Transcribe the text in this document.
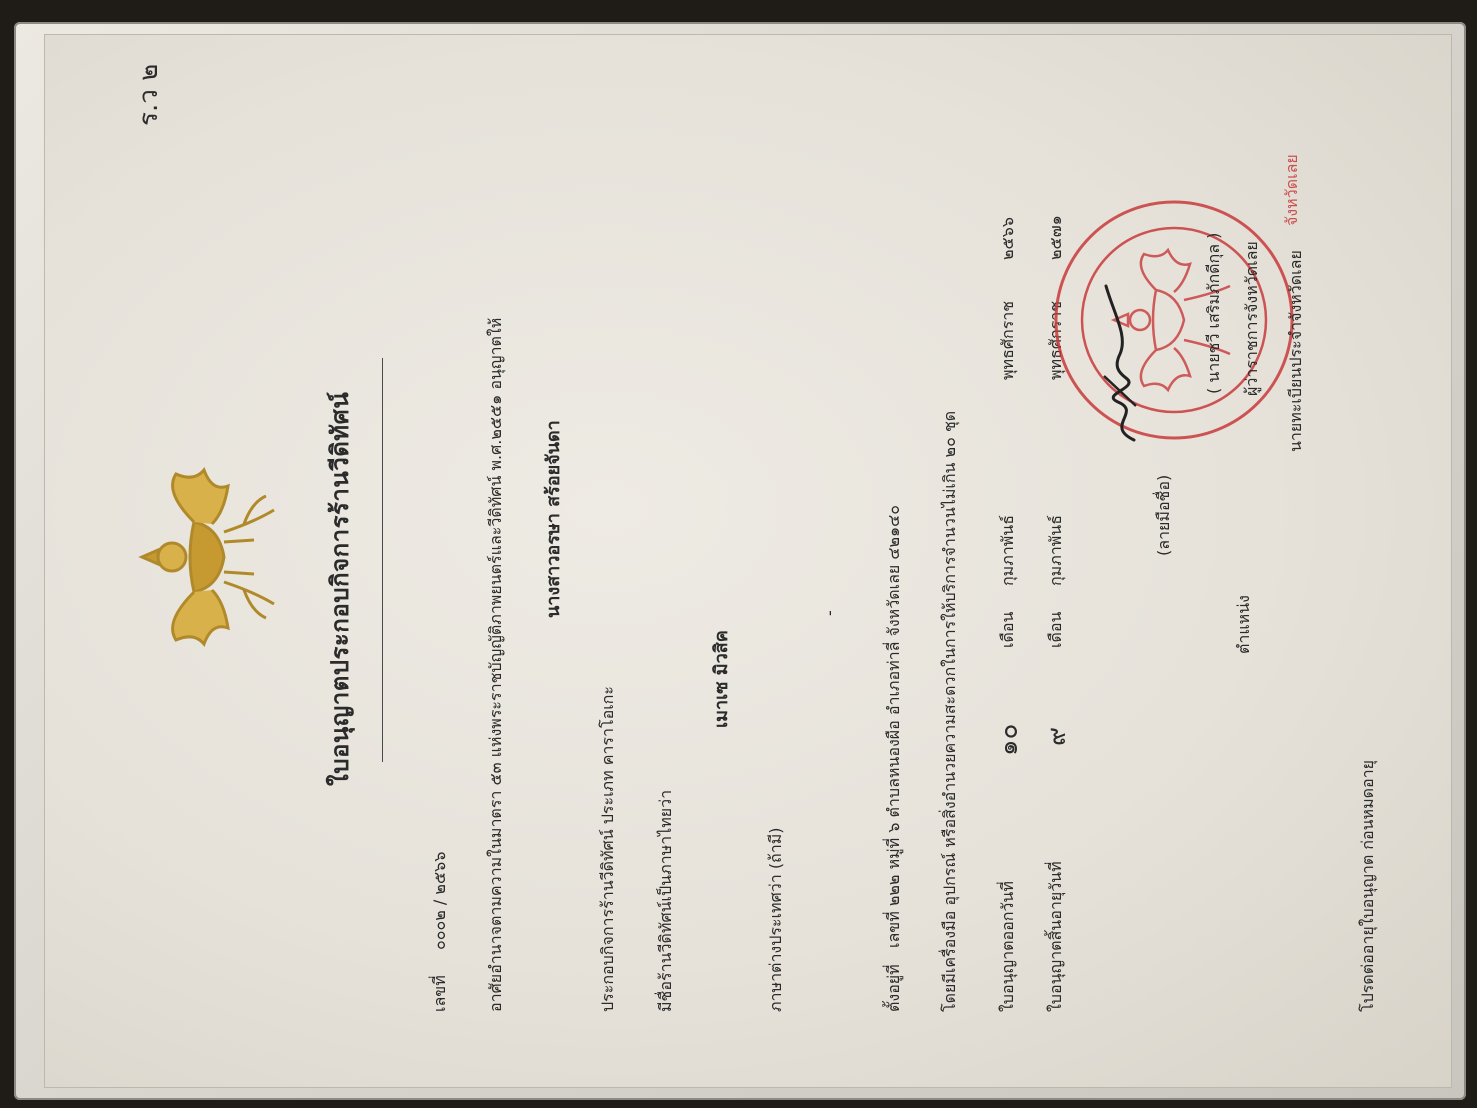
ร.ว ๒
ใบอนุญาตประกอบกิจการร้านวีดิทัศน์
เลขที่
๐๐๐๒ / ๒๕๖๖ อาศัยอำนาจตามความในมาตรา ๕๓ แห่งพระราชบัญญัติภาพยนตร์และวีดิทัศน์ พ.ศ.๒๕๕๑ อนุญาตให้ นางสาวอรษา สร้อยจันดา
ประกอบกิจการร้านวีดิทัศน์ ประเภท คาราโอเกะ มีชื่อร้านวีดิทัศน์เป็นภาษาไทยว่า
เมาเซ มิวสิค
ภาษาต่างประเทศว่า (ถ้ามี)
-
ตั้งอยู่ที่
เลขที่ ๒๒๒ หมู่ที่ ๖ ตำบลหนองผือ อำเภอท่าลี่ จังหวัดเลย ๔๒๑๔๐ โดยมีเครื่องมือ อุปกรณ์ หรือสิ่งอำนวยความสะดวกในการให้บริการจำนวนไม่เกิน ๒๐ ชุด ใบอนุญาตออกวันที่
๑๐
เดือน
กุมภาพันธ์
พุทธศักราช
๒๕๖๖
ใบอนุญาตสิ้นอายุวันที่
๙
เดือน
กุมภาพันธ์
พุทธศักราช
๒๕๗๑
จังหวัดเลย
(ลายมือชื่อ)
( นายชวี เสริมภักดีกุล ) ผู้ว่าราชการจังหวัดเลย
ตำแหน่ง
นายทะเบียนประจำจังหวัดเลย
โปรดต่ออายุใบอนุญาต ก่อนหมดอายุ
